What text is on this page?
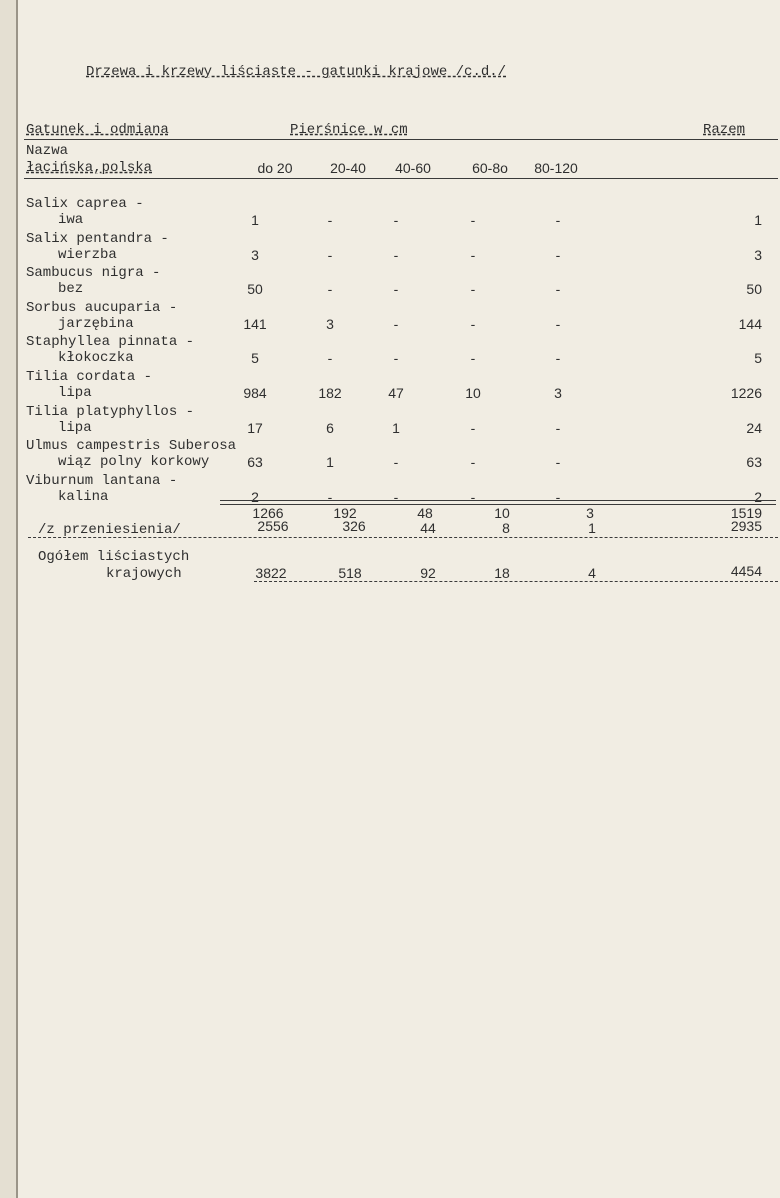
Drzewa i krzewy liściaste - gatunki krajowe /c.d./
Gatunek i odmiana	Pierśnice w cm	Razem
Nazwa
łacińska,polska	do 20	20-40	40-60	60-8o	80-120
Salix caprea -
iwa	1	-	-	-	-	1
Salix pentandra -
wierzba	3	-	-	-	-	3
Sambucus nigra -
bez	50	-	-	-	-	50
Sorbus aucuparia -
jarzębina	141	3	-	-	-	144
Staphyllea pinnata -
kłokoczka	5	-	-	-	-	5
Tilia cordata -
lipa	984	182	47	10	3	1226
Tilia platyphyllos -
lipa	17	6	1	-	-	24
Ulmus campestris Suberosa
wiąz polny korkowy	63	1	-	-	-	63
Viburnum lantana -
kalina	2	-	-	-	-	2
1266	192	48	10	3	1519
/z przeniesienia/	2556	326	44	8	1	2935
Ogółem liściastych
krajowych	3822	518	92	18	4	4454
